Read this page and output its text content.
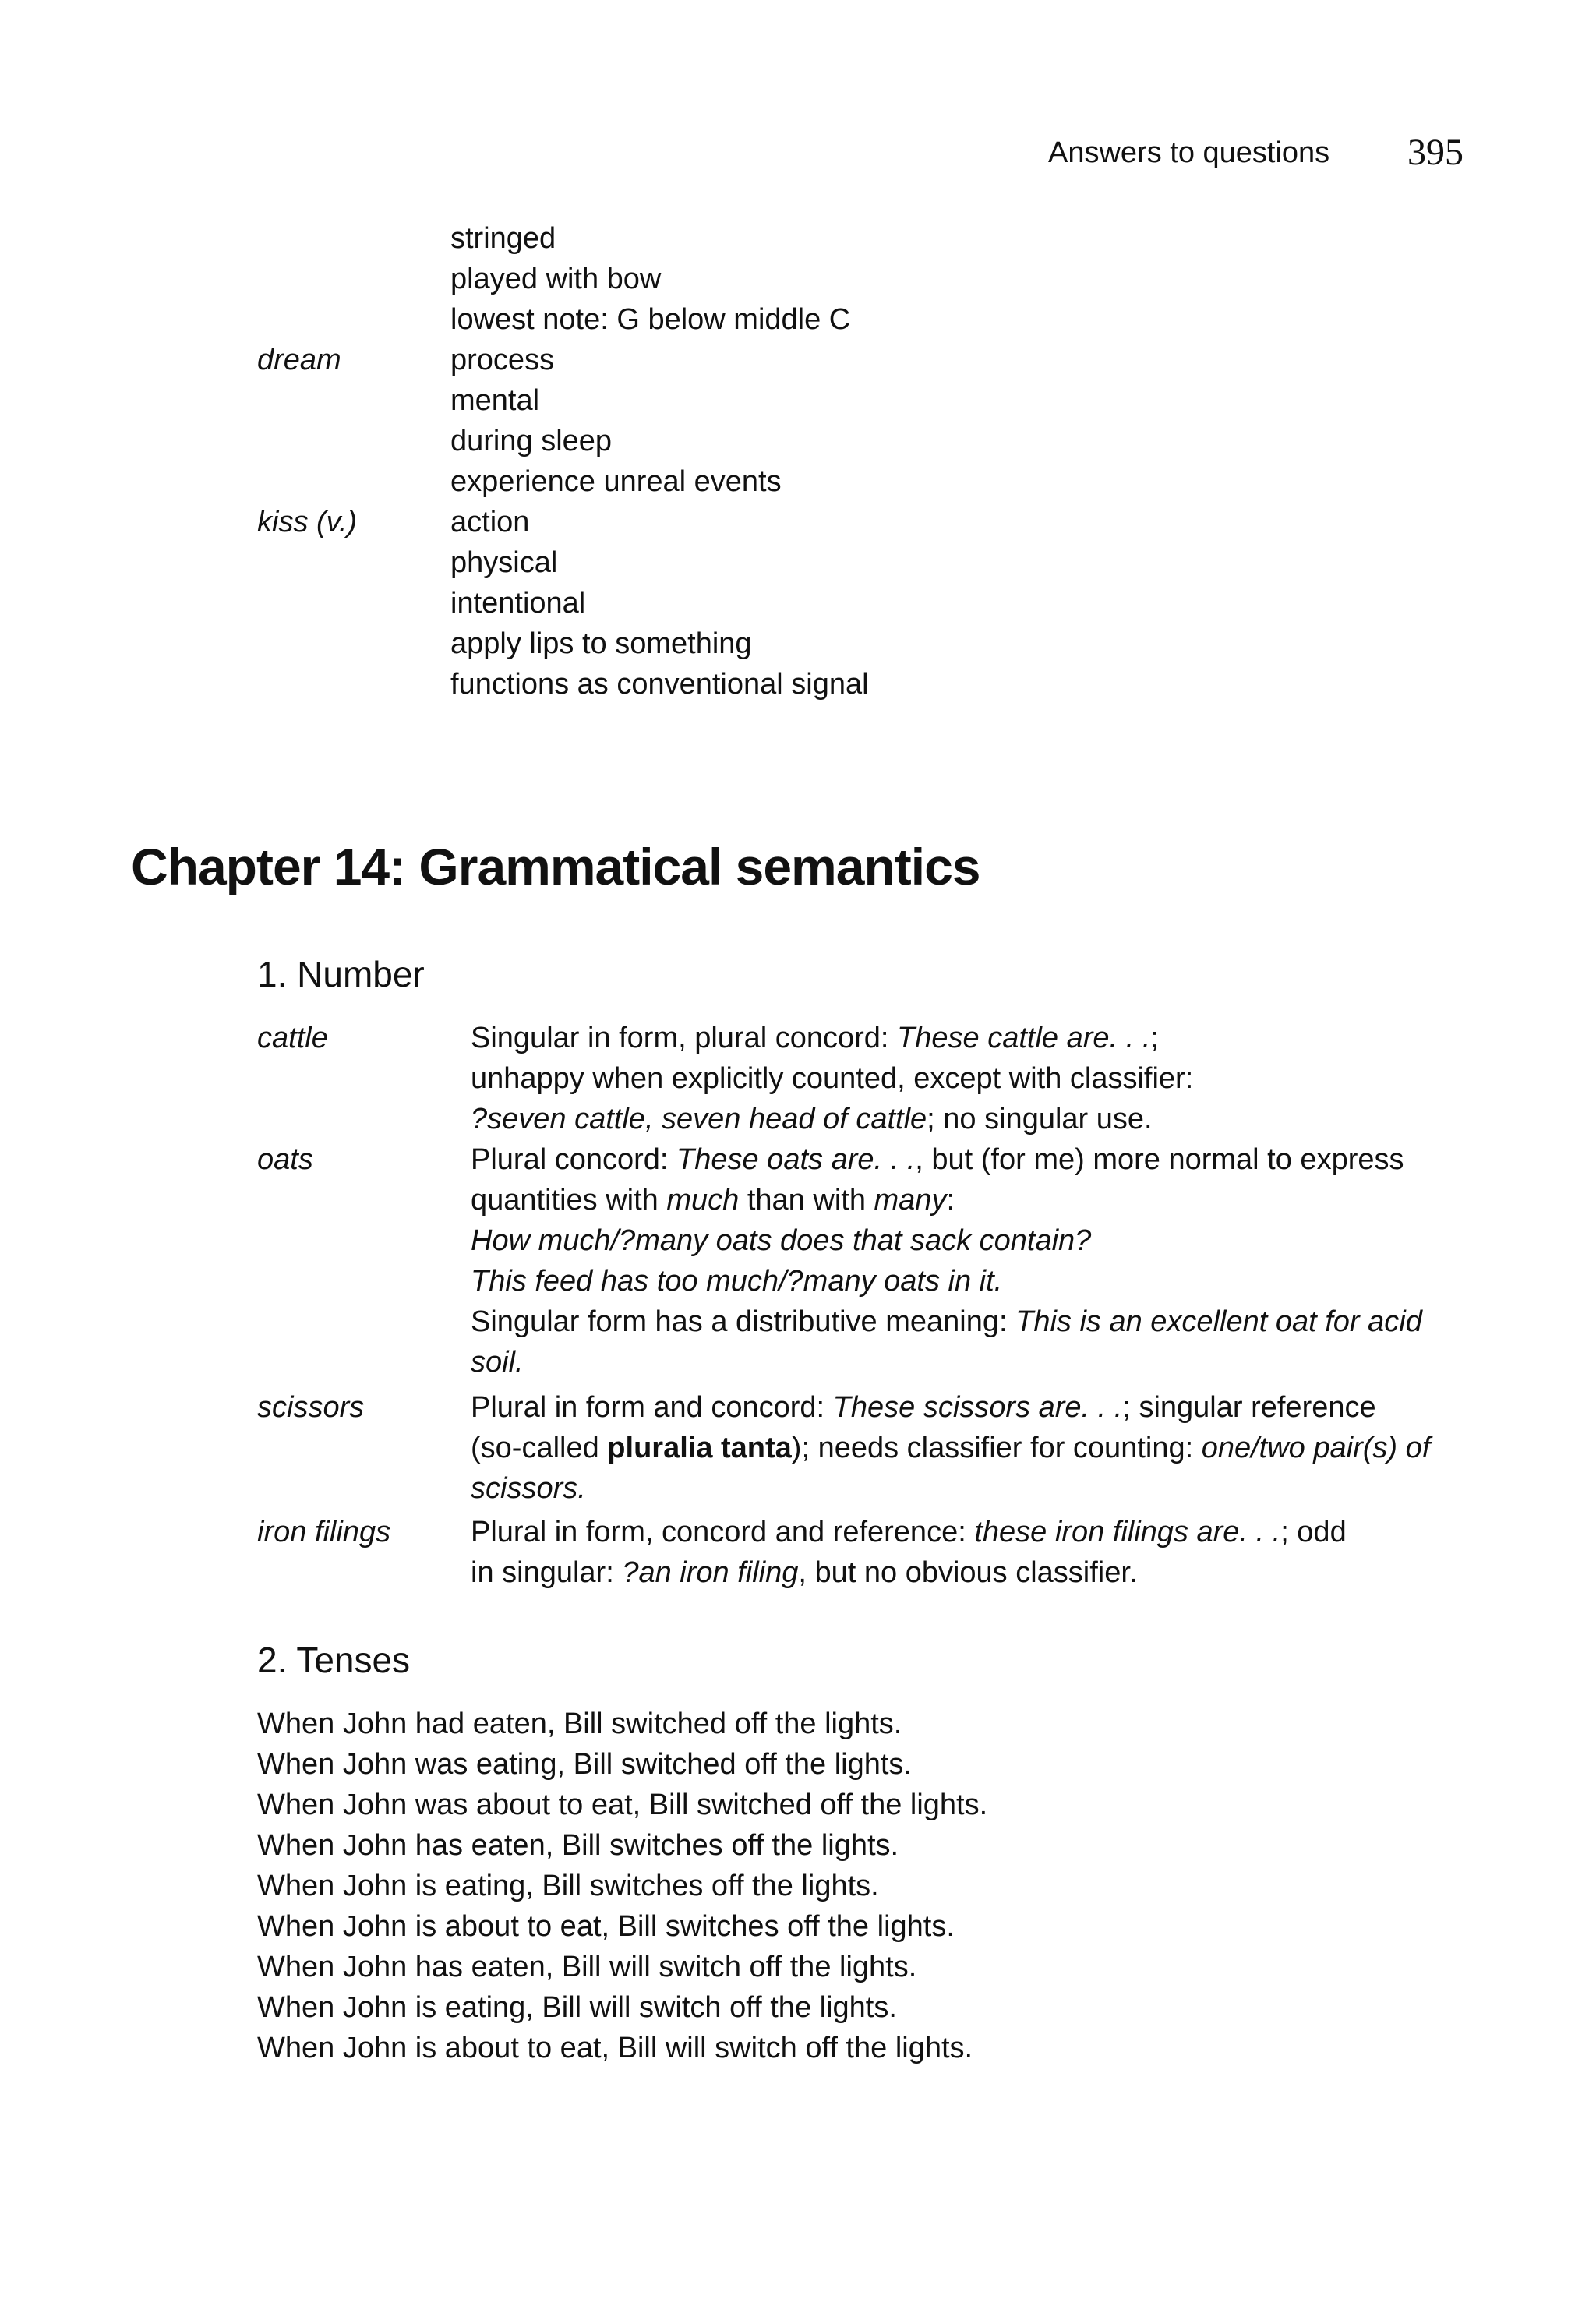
Answers to questions 395
stringed
played with bow
lowest note: G below middle C
dream	process
mental
during sleep
experience unreal events
kiss (v.)	action
physical
intentional
apply lips to something
functions as conventional signal
Chapter 14: Grammatical semantics
1. Number
cattle	Singular in form, plural concord: These cattle are. . .;
unhappy when explicitly counted, except with classifier:
?seven cattle, seven head of cattle; no singular use.
oats	Plural concord: These oats are. . ., but (for me) more normal to express
quantities with much than with many:
How much/?many oats does that sack contain?
This feed has too much/?many oats in it.
Singular form has a distributive meaning: This is an excellent oat for acid
soil.
scissors	Plural in form and concord: These scissors are. . .; singular reference
(so-called pluralia tanta); needs classifier for counting: one/two pair(s) of
scissors.
iron filings	Plural in form, concord and reference: these iron filings are. . .; odd
in singular: ?an iron filing, but no obvious classifier.
2. Tenses
When John had eaten, Bill switched off the lights.
When John was eating, Bill switched off the lights.
When John was about to eat, Bill switched off the lights.
When John has eaten, Bill switches off the lights.
When John is eating, Bill switches off the lights.
When John is about to eat, Bill switches off the lights.
When John has eaten, Bill will switch off the lights.
When John is eating, Bill will switch off the lights.
When John is about to eat, Bill will switch off the lights.
